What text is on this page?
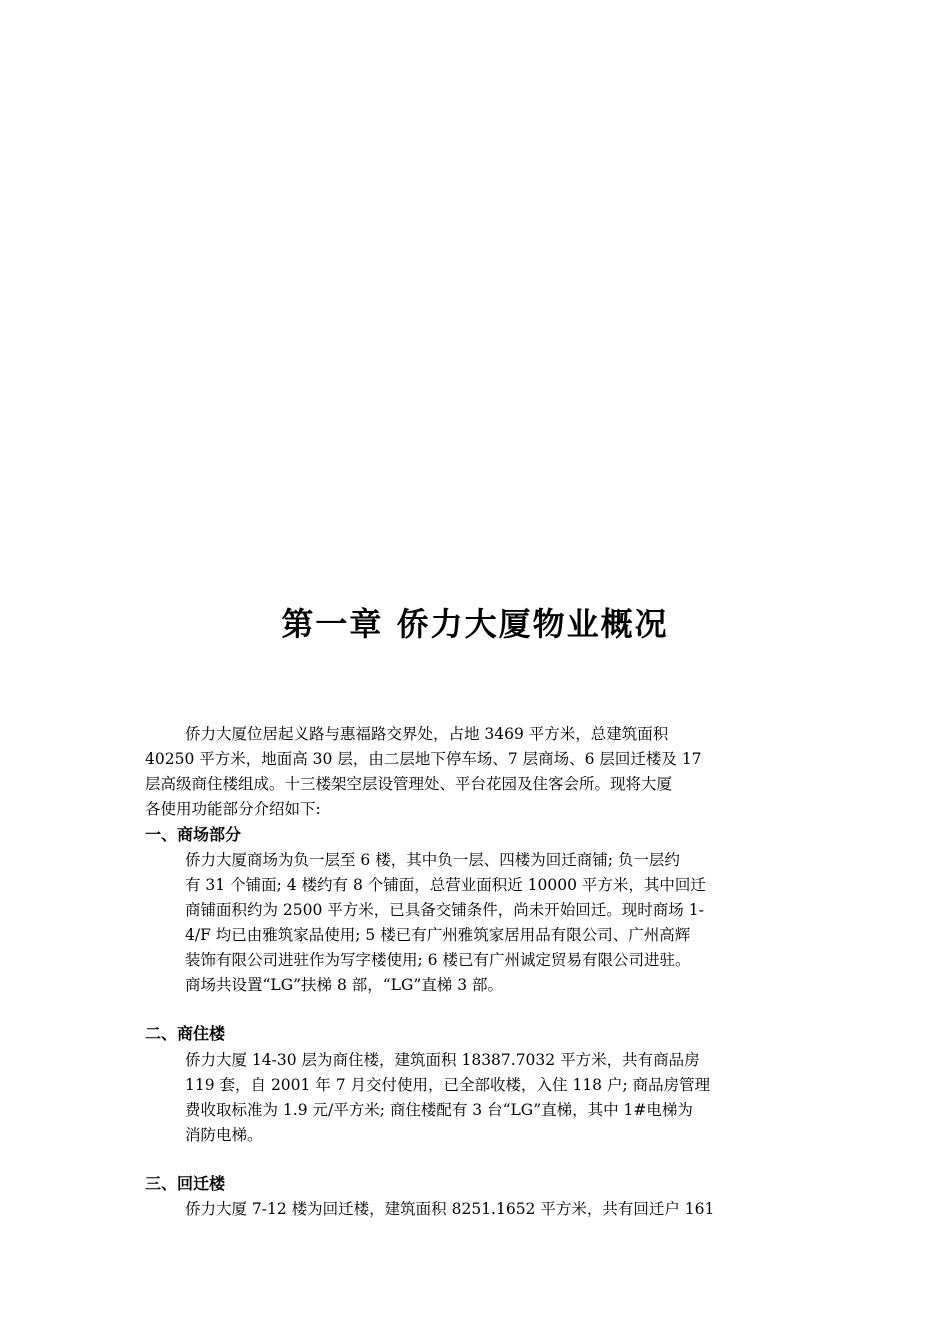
第一章 侨力大厦物业概况

侨力大厦位居起义路与惠福路交界处，占地 3469 平方米，总建筑面积

40250 平方米，地面高 30 层，由二层地下停车场、7 层商场、6 层回迁楼及 17

层高级商住楼组成。十三楼架空层设管理处、平台花园及住客会所。现将大厦

各使用功能部分介绍如下:

一、商场部分

侨力大厦商场为负一层至 6 楼，其中负一层、四楼为回迁商铺; 负一层约

有 31 个铺面; 4 楼约有 8 个铺面，总营业面积近 10000 平方米，其中回迁

商铺面积约为 2500 平方米，已具备交铺条件，尚未开始回迁。现时商场 1-

4/F 均已由雅筑家品使用; 5 楼已有广州雅筑家居用品有限公司、广州高辉

装饰有限公司进驻作为写字楼使用; 6 楼已有广州诚定贸易有限公司进驻。

商场共设置“LG”扶梯 8 部，“LG”直梯 3 部。

二、商住楼

侨力大厦 14-30 层为商住楼，建筑面积 18387.7032 平方米，共有商品房

119 套，自 2001 年 7 月交付使用，已全部收楼，入住 118 户; 商品房管理

费收取标准为 1.9 元/平方米; 商住楼配有 3 台“LG”直梯，其中 1#电梯为

消防电梯。

三、回迁楼

侨力大厦 7-12 楼为回迁楼，建筑面积 8251.1652 平方米，共有回迁户 161
